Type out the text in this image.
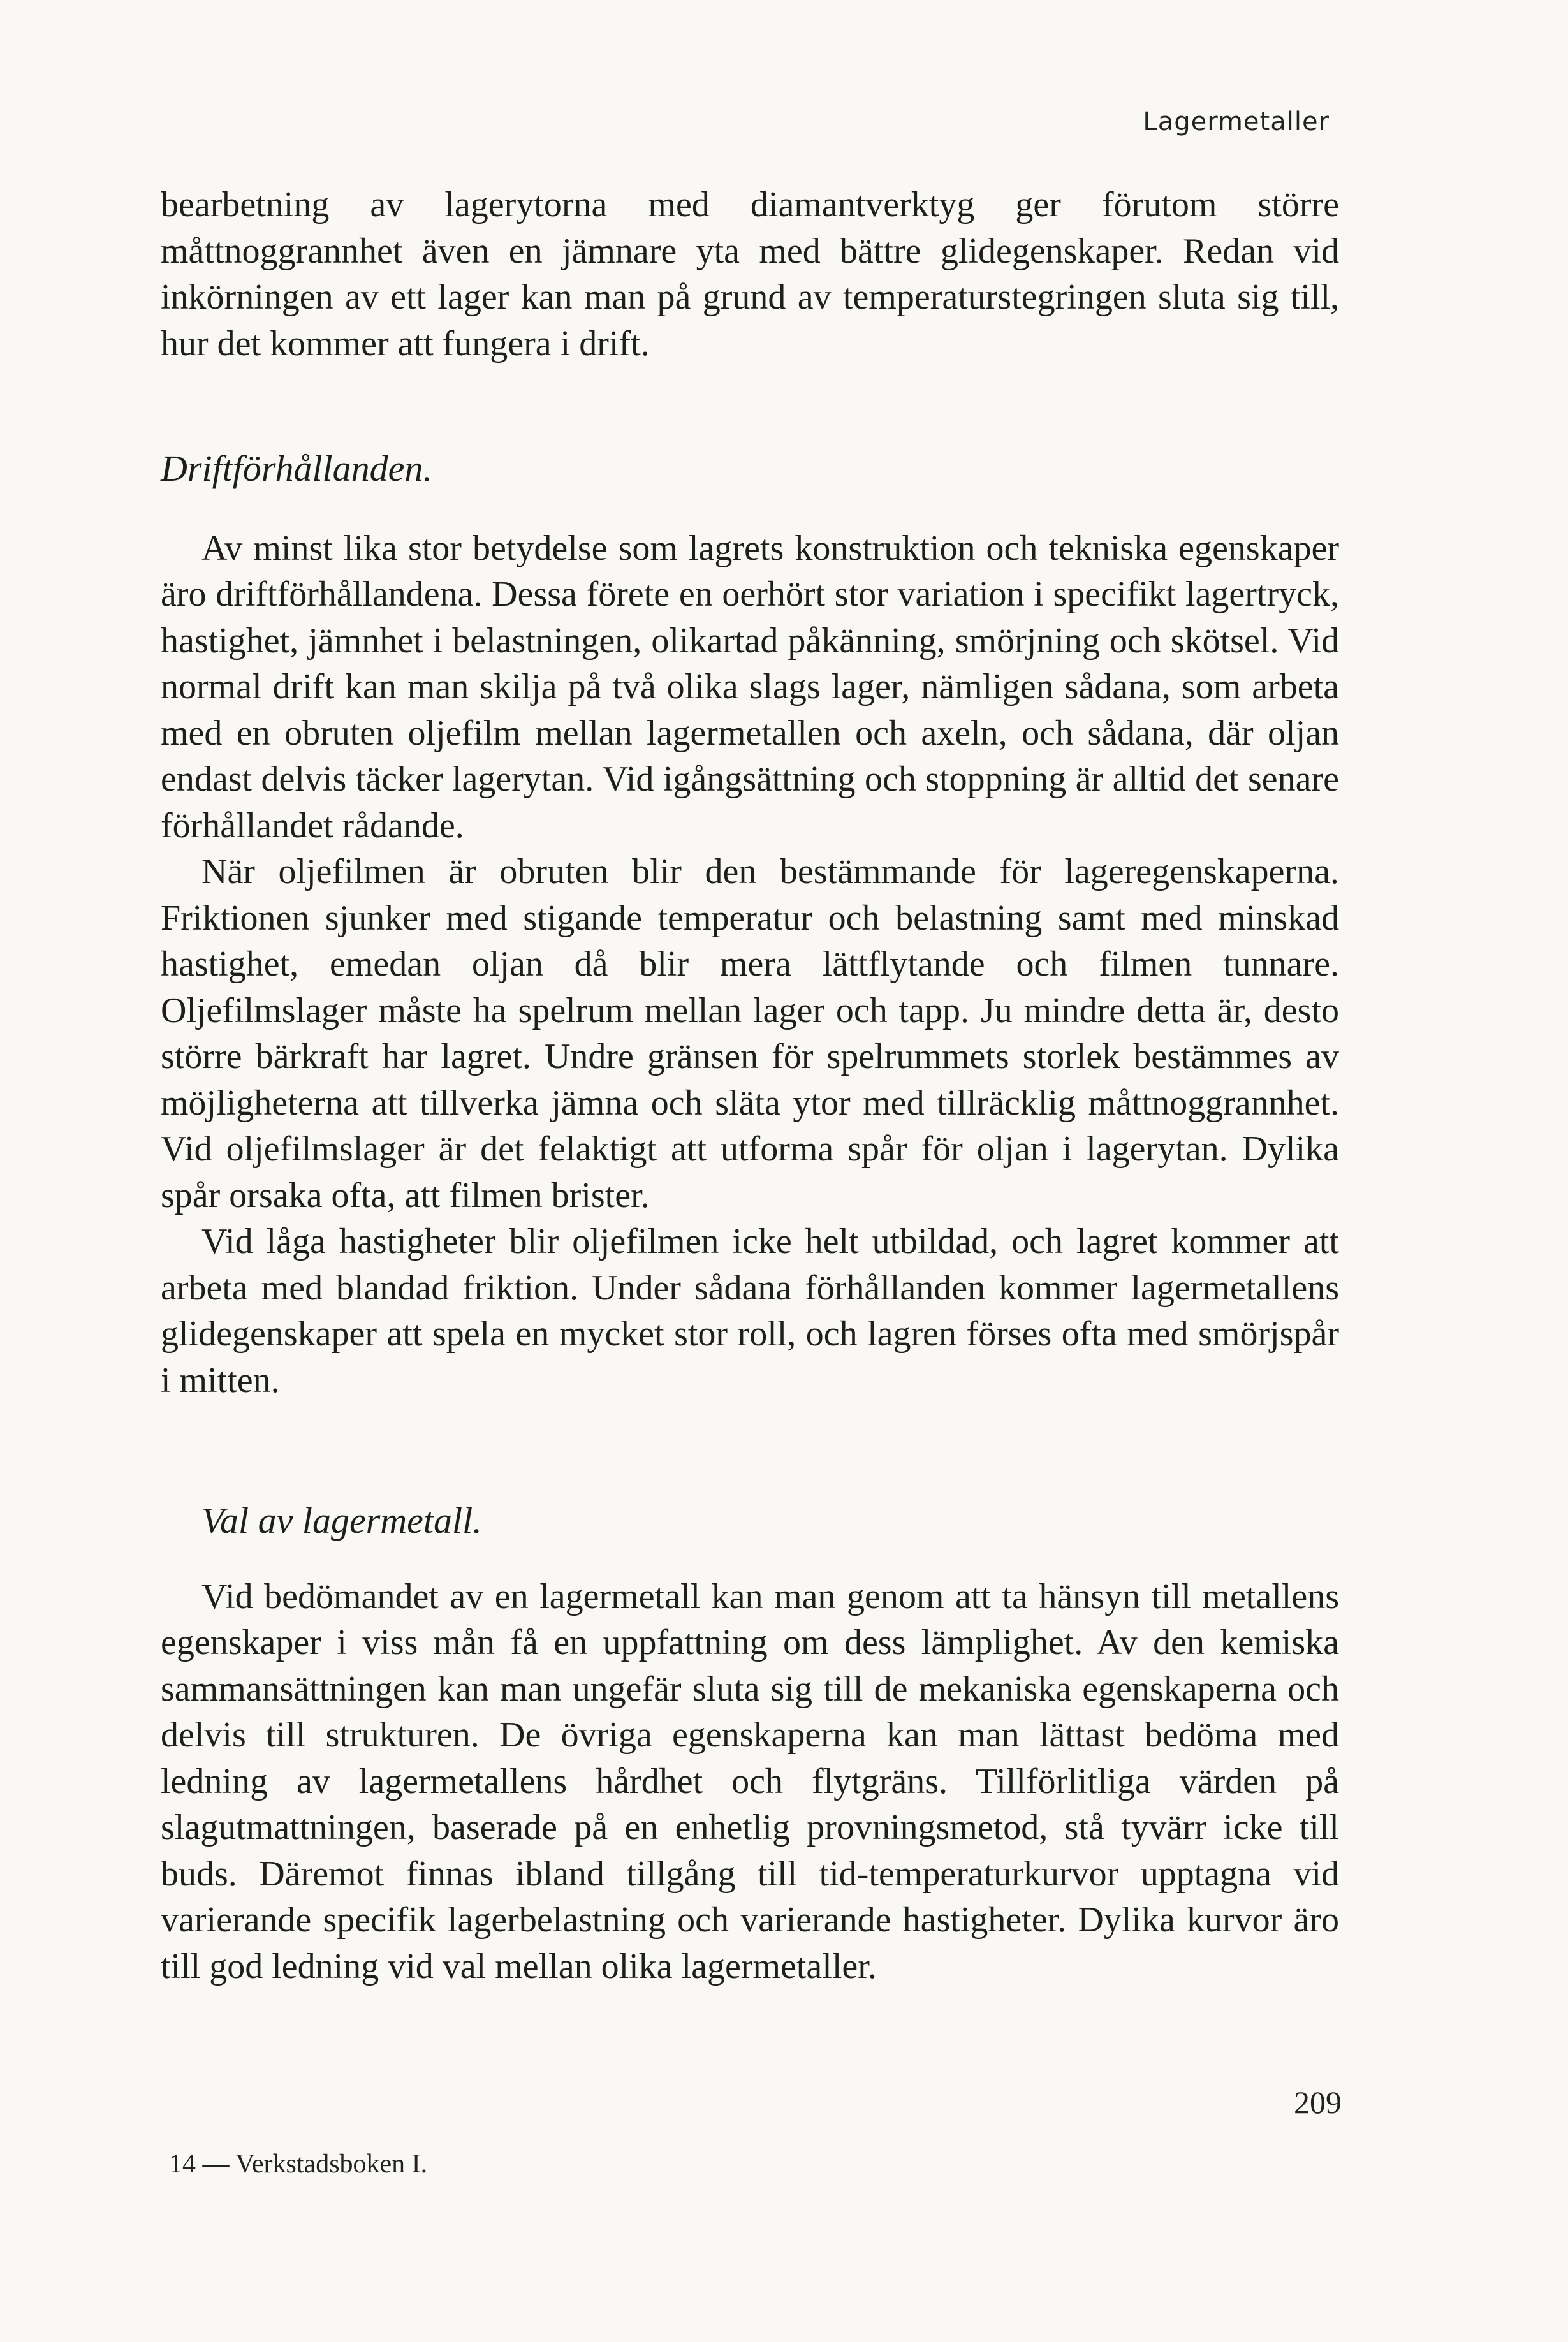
Lagermetaller

bearbetning av lagerytorna med diamantverktyg ger förutom större måttnoggrannhet även en jämnare yta med bättre glidegenskaper. Redan vid inkörningen av ett lager kan man på grund av temperaturstegringen sluta sig till, hur det kommer att fungera i drift.

Driftförhållanden.

Av minst lika stor betydelse som lagrets konstruktion och tekniska egenskaper äro driftförhållandena. Dessa förete en oerhört stor variation i specifikt lagertryck, hastighet, jämnhet i belastningen, olikartad påkänning, smörjning och skötsel. Vid normal drift kan man skilja på två olika slags lager, nämligen sådana, som arbeta med en obruten oljefilm mellan lagermetallen och axeln, och sådana, där oljan endast delvis täcker lagerytan. Vid igångsättning och stoppning är alltid det senare förhållandet rådande.

När oljefilmen är obruten blir den bestämmande för lageregenskaperna. Friktionen sjunker med stigande temperatur och belastning samt med minskad hastighet, emedan oljan då blir mera lättflytande och filmen tunnare. Oljefilmslager måste ha spelrum mellan lager och tapp. Ju mindre detta är, desto större bärkraft har lagret. Undre gränsen för spelrummets storlek bestämmes av möjligheterna att tillverka jämna och släta ytor med tillräcklig måttnoggrannhet. Vid oljefilmslager är det felaktigt att utforma spår för oljan i lagerytan. Dylika spår orsaka ofta, att filmen brister.

Vid låga hastigheter blir oljefilmen icke helt utbildad, och lagret kommer att arbeta med blandad friktion. Under sådana förhållanden kommer lagermetallens glidegenskaper att spela en mycket stor roll, och lagren förses ofta med smörjspår i mitten.

Val av lagermetall.

Vid bedömandet av en lagermetall kan man genom att ta hänsyn till metallens egenskaper i viss mån få en uppfattning om dess lämplighet. Av den kemiska sammansättningen kan man ungefär sluta sig till de mekaniska egenskaperna och delvis till strukturen. De övriga egenskaperna kan man lättast bedöma med ledning av lagermetallens hårdhet och flytgräns. Tillförlitliga värden på slagutmattningen, baserade på en enhetlig provningsmetod, stå tyvärr icke till buds. Däremot finnas ibland tillgång till tid-temperaturkurvor upptagna vid varierande specifik lagerbelastning och varierande hastigheter. Dylika kurvor äro till god ledning vid val mellan olika lagermetaller.

209
14 — Verkstadsboken I.
